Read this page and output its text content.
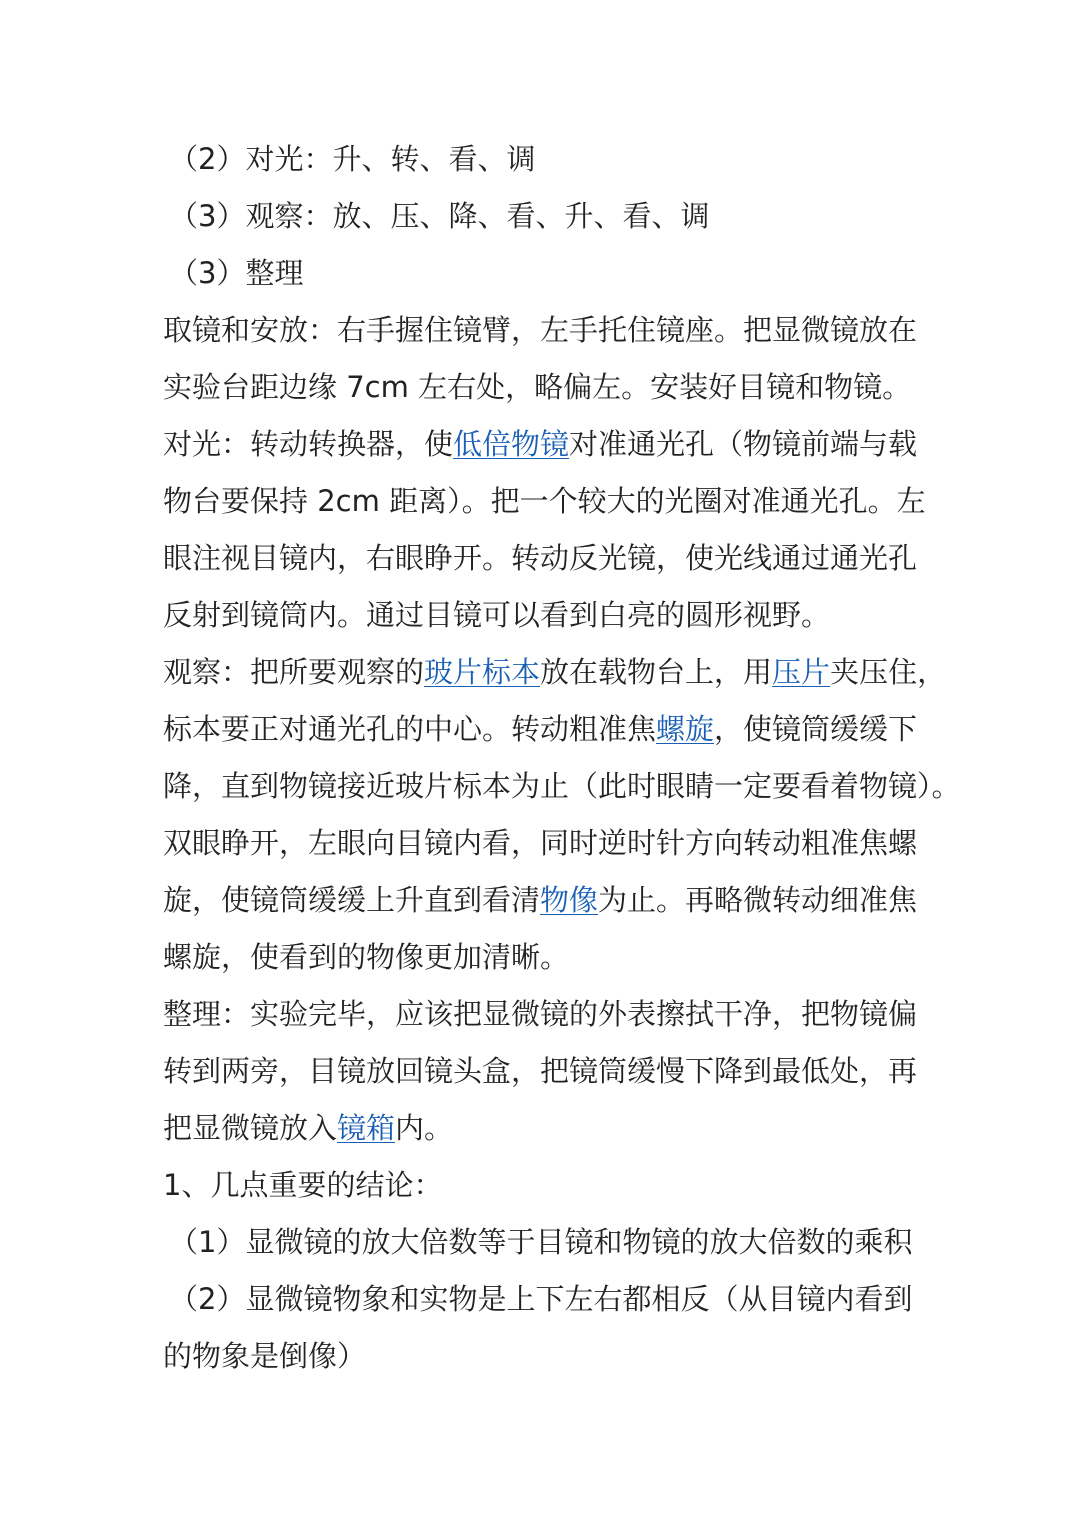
（2）对光：升、转、看、调
（3）观察：放、压、降、看、升、看、调
（3）整理
取镜和安放：右手握住镜臂，左手托住镜座。把显微镜放在
实验台距边缘 7cm 左右处，略偏左。安装好目镜和物镜。
对光：转动转换器，使低倍物镜对准通光孔（物镜前端与载
物台要保持 2cm 距离）。把一个较大的光圈对准通光孔。左
眼注视目镜内，右眼睁开。转动反光镜，使光线通过通光孔
反射到镜筒内。通过目镜可以看到白亮的圆形视野。
观察：把所要观察的玻片标本放在载物台上，用压片夹压住，
标本要正对通光孔的中心。转动粗准焦螺旋，使镜筒缓缓下
降，直到物镜接近玻片标本为止（此时眼睛一定要看着物镜）。
双眼睁开，左眼向目镜内看，同时逆时针方向转动粗准焦螺
旋，使镜筒缓缓上升直到看清物像为止。再略微转动细准焦
螺旋，使看到的物像更加清晰。
整理：实验完毕，应该把显微镜的外表擦拭干净，把物镜偏
转到两旁，目镜放回镜头盒，把镜筒缓慢下降到最低处，再
把显微镜放入镜箱内。
1、几点重要的结论：
（1）显微镜的放大倍数等于目镜和物镜的放大倍数的乘积
（2）显微镜物象和实物是上下左右都相反（从目镜内看到
的物象是倒像）
